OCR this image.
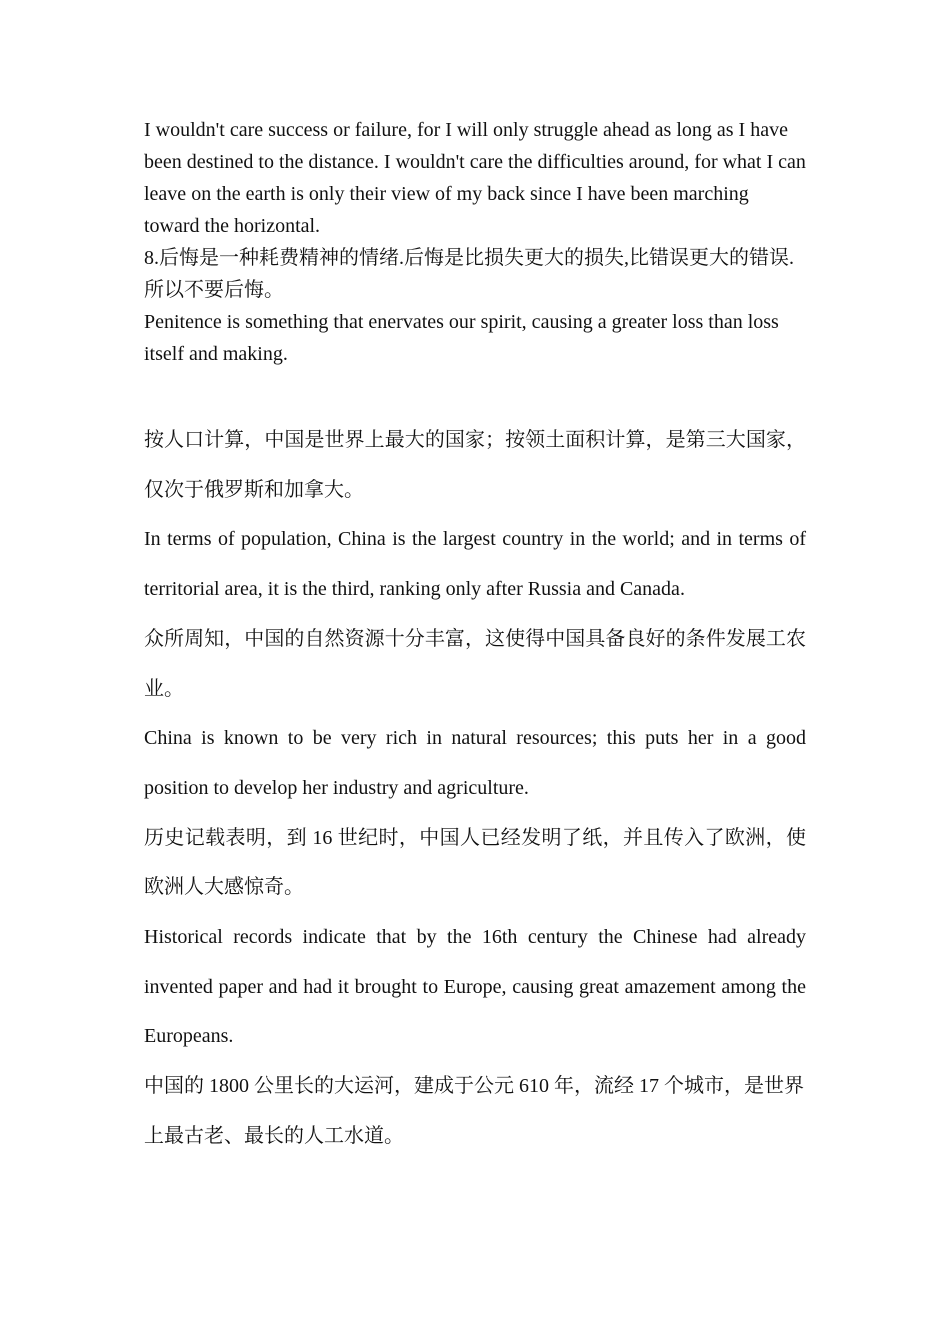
I wouldn't care success or failure, for I will only struggle ahead as long as I have been destined to the distance. I wouldn't care the difficulties around, for what I can leave on the earth is only their view of my back since I have been marching toward the horizontal.

8.后悔是一种耗费精神的情绪.后悔是比损失更大的损失,比错误更大的错误.所以不要后悔。

Penitence is something that enervates our spirit, causing a greater loss than loss itself and making.

按人口计算，中国是世界上最大的国家；按领土面积计算，是第三大国家，仅次于俄罗斯和加拿大。

In terms of population, China is the largest country in the world; and in terms of territorial area, it is the third, ranking only after Russia and Canada.

众所周知，中国的自然资源十分丰富，这使得中国具备良好的条件发展工农业。

China is known to be very rich in natural resources; this puts her in a good position to develop her industry and agriculture.

历史记载表明，到 16 世纪时，中国人已经发明了纸，并且传入了欧洲，使欧洲人大感惊奇。

Historical records indicate that by the 16th century the Chinese had already invented paper and had it brought to Europe, causing great amazement among the Europeans.

中国的 1800 公里长的大运河，建成于公元 610 年，流经 17 个城市，是世界上最古老、最长的人工水道。
